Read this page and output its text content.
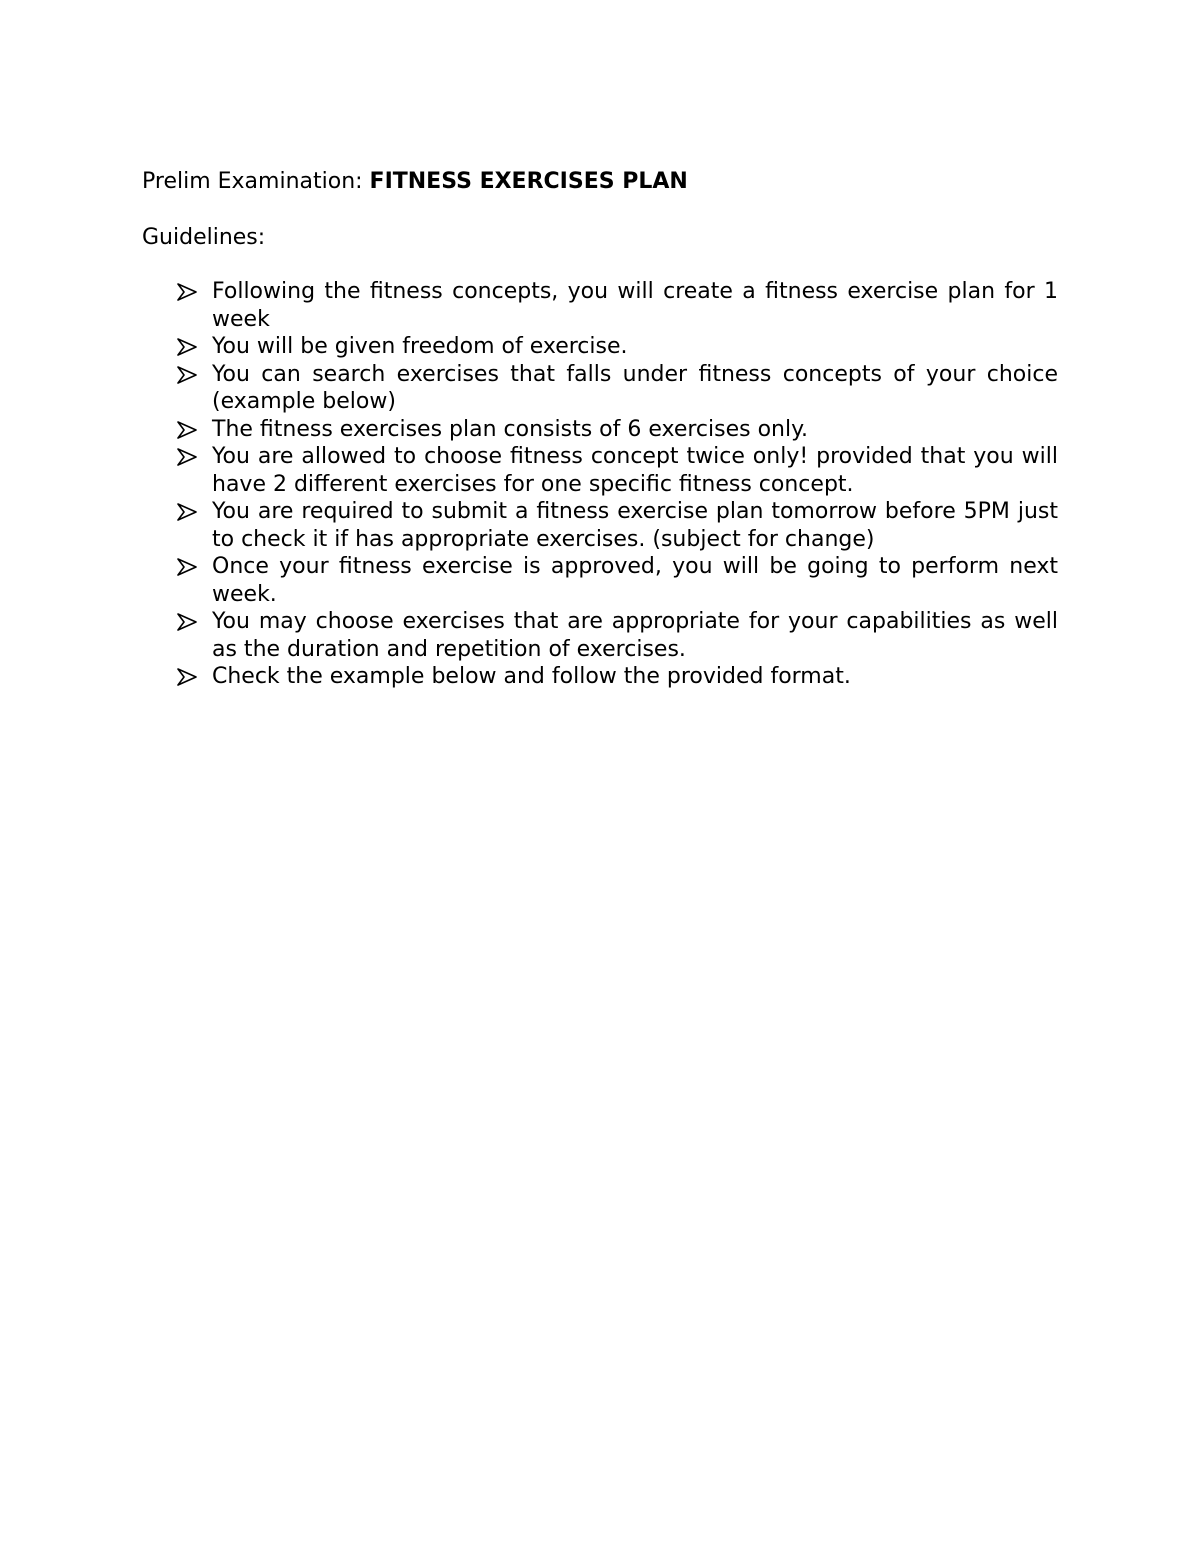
Prelim Examination: FITNESS EXERCISES PLAN

Guidelines:

Following the fitness concepts, you will create a fitness exercise plan for 1 week
You will be given freedom of exercise.
You can search exercises that falls under fitness concepts of your choice (example below)
The fitness exercises plan consists of 6 exercises only.
You are allowed to choose fitness concept twice only! provided that you will have 2 different exercises for one specific fitness concept.
You are required to submit a fitness exercise plan tomorrow before 5PM just to check it if has appropriate exercises. (subject for change)
Once your fitness exercise is approved, you will be going to perform next week.
You may choose exercises that are appropriate for your capabilities as well as the duration and repetition of exercises.
Check the example below and follow the provided format.
